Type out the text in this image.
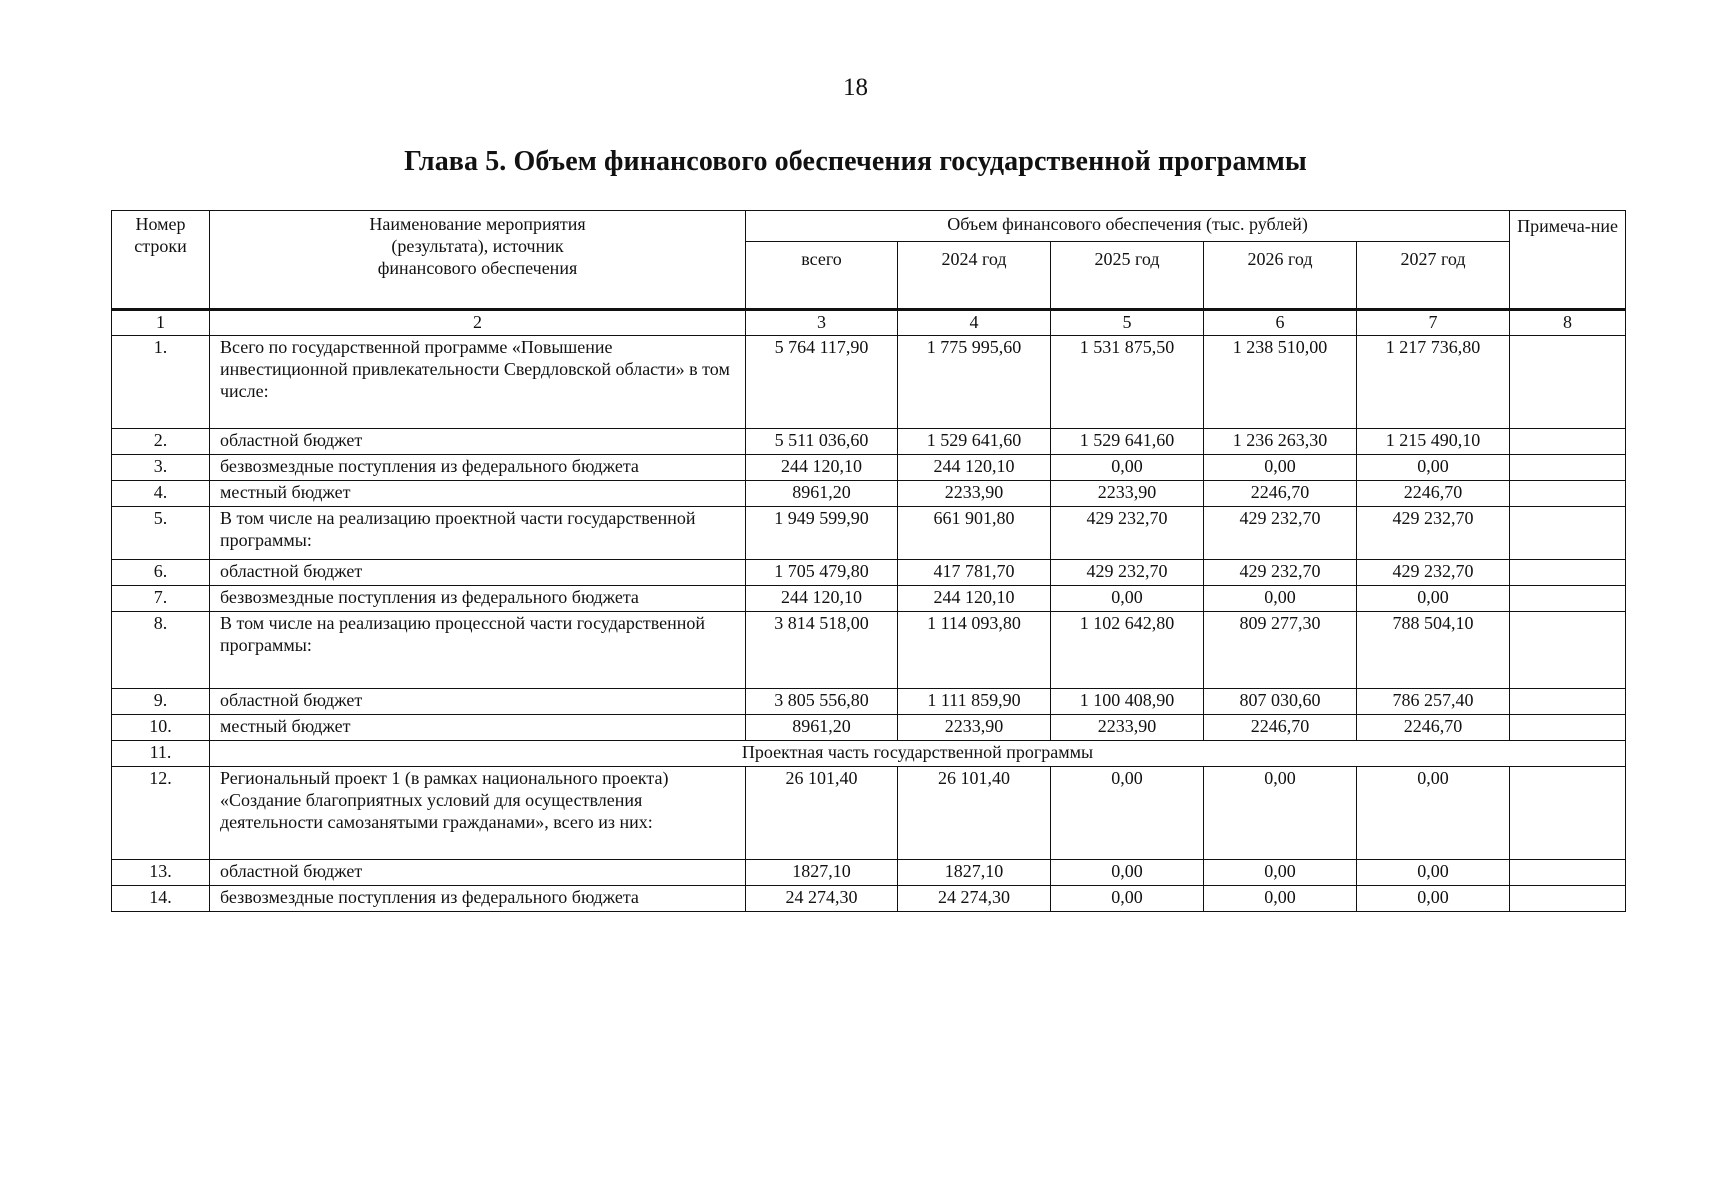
18
Глава 5. Объем финансового обеспечения государственной программы
Номер строки	Наименование мероприятия (результата), источник финансового обеспечения	Объем финансового обеспечения (тыс. рублей)					Примеча-ние
		всего	2024 год	2025 год	2026 год	2027 год	
1	2	3	4	5	6	7	8
1.	Всего по государственной программе «Повышение инвестиционной привлекательности Свердловской области» в том числе:	5 764 117,90	1 775 995,60	1 531 875,50	1 238 510,00	1 217 736,80	
2.	областной бюджет	5 511 036,60	1 529 641,60	1 529 641,60	1 236 263,30	1 215 490,10	
3.	безвозмездные поступления из федерального бюджета	244 120,10	244 120,10	0,00	0,00	0,00	
4.	местный бюджет	8961,20	2233,90	2233,90	2246,70	2246,70	
5.	В том числе на реализацию проектной части государственной программы:	1 949 599,90	661 901,80	429 232,70	429 232,70	429 232,70	
6.	областной бюджет	1 705 479,80	417 781,70	429 232,70	429 232,70	429 232,70	
7.	безвозмездные поступления из федерального бюджета	244 120,10	244 120,10	0,00	0,00	0,00	
8.	В том числе на реализацию процессной части государственной программы:	3 814 518,00	1 114 093,80	1 102 642,80	809 277,30	788 504,10	
9.	областной бюджет	3 805 556,80	1 111 859,90	1 100 408,90	807 030,60	786 257,40	
10.	местный бюджет	8961,20	2233,90	2233,90	2246,70	2246,70	
11.	Проектная часть государственной программы						
12.	Региональный проект 1 (в рамках национального проекта) «Создание благоприятных условий для осуществления деятельности самозанятыми гражданами», всего из них:	26 101,40	26 101,40	0,00	0,00	0,00	
13.	областной бюджет	1827,10	1827,10	0,00	0,00	0,00	
14.	безвозмездные поступления из федерального бюджета	24 274,30	24 274,30	0,00	0,00	0,00	
